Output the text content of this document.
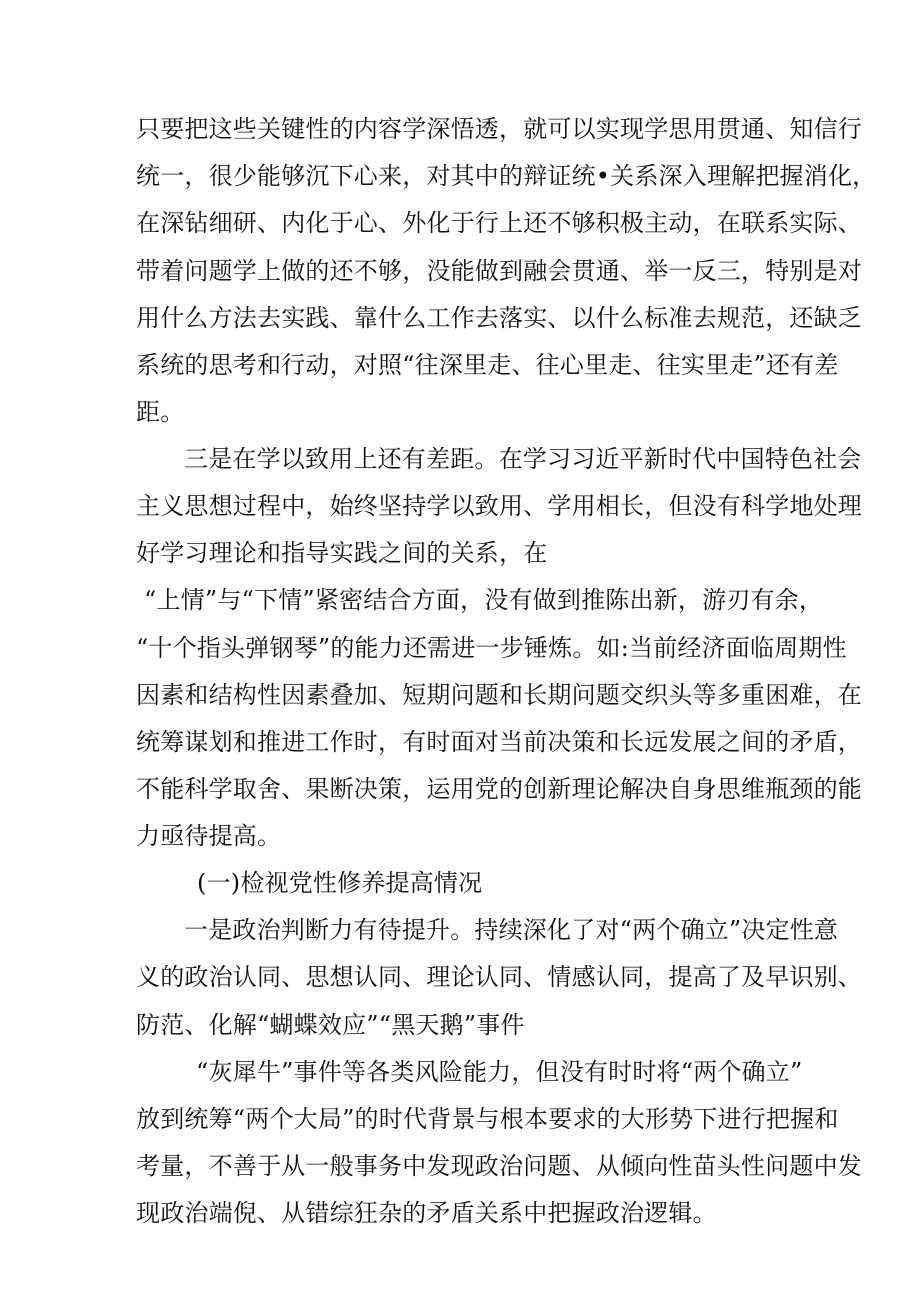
只要把这些关键性的内容学深悟透，就可以实现学思用贯通、知信行
统一，很少能够沉下心来，对其中的辩证统•关系深入理解把握消化，
在深钻细研、内化于心、外化于行上还不够积极主动，在联系实际、
带着问题学上做的还不够，没能做到融会贯通、举一反三，特别是对
用什么方法去实践、靠什么工作去落实、以什么标准去规范，还缺乏
系统的思考和行动，对照“往深里走、往心里走、往实里走”还有差
距。
三是在学以致用上还有差距。在学习习近平新时代中国特色社会
主义思想过程中，始终坚持学以致用、学用相长，但没有科学地处理
好学习理论和指导实践之间的关系，在
“上情”与“下情”紧密结合方面，没有做到推陈出新，游刃有余，
“十个指头弹钢琴”的能力还需进一步锤炼。如:当前经济面临周期性
因素和结构性因素叠加、短期问题和长期问题交织头等多重困难，在
统筹谋划和推进工作时，有时面对当前决策和长远发展之间的矛盾，
不能科学取舍、果断决策，运用党的创新理论解决自身思维瓶颈的能
力亟待提高。
(一)检视党性修养提高情况
一是政治判断力有待提升。持续深化了对“两个确立”决定性意
义的政治认同、思想认同、理论认同、情感认同，提高了及早识别、
防范、化解“蝴蝶效应”“黑天鹅”事件
“灰犀牛”事件等各类风险能力，但没有时时将“两个确立”
放到统筹“两个大局”的时代背景与根本要求的大形势下进行把握和
考量，不善于从一般事务中发现政治问题、从倾向性苗头性问题中发
现政治端倪、从错综狂杂的矛盾关系中把握政治逻辑。
